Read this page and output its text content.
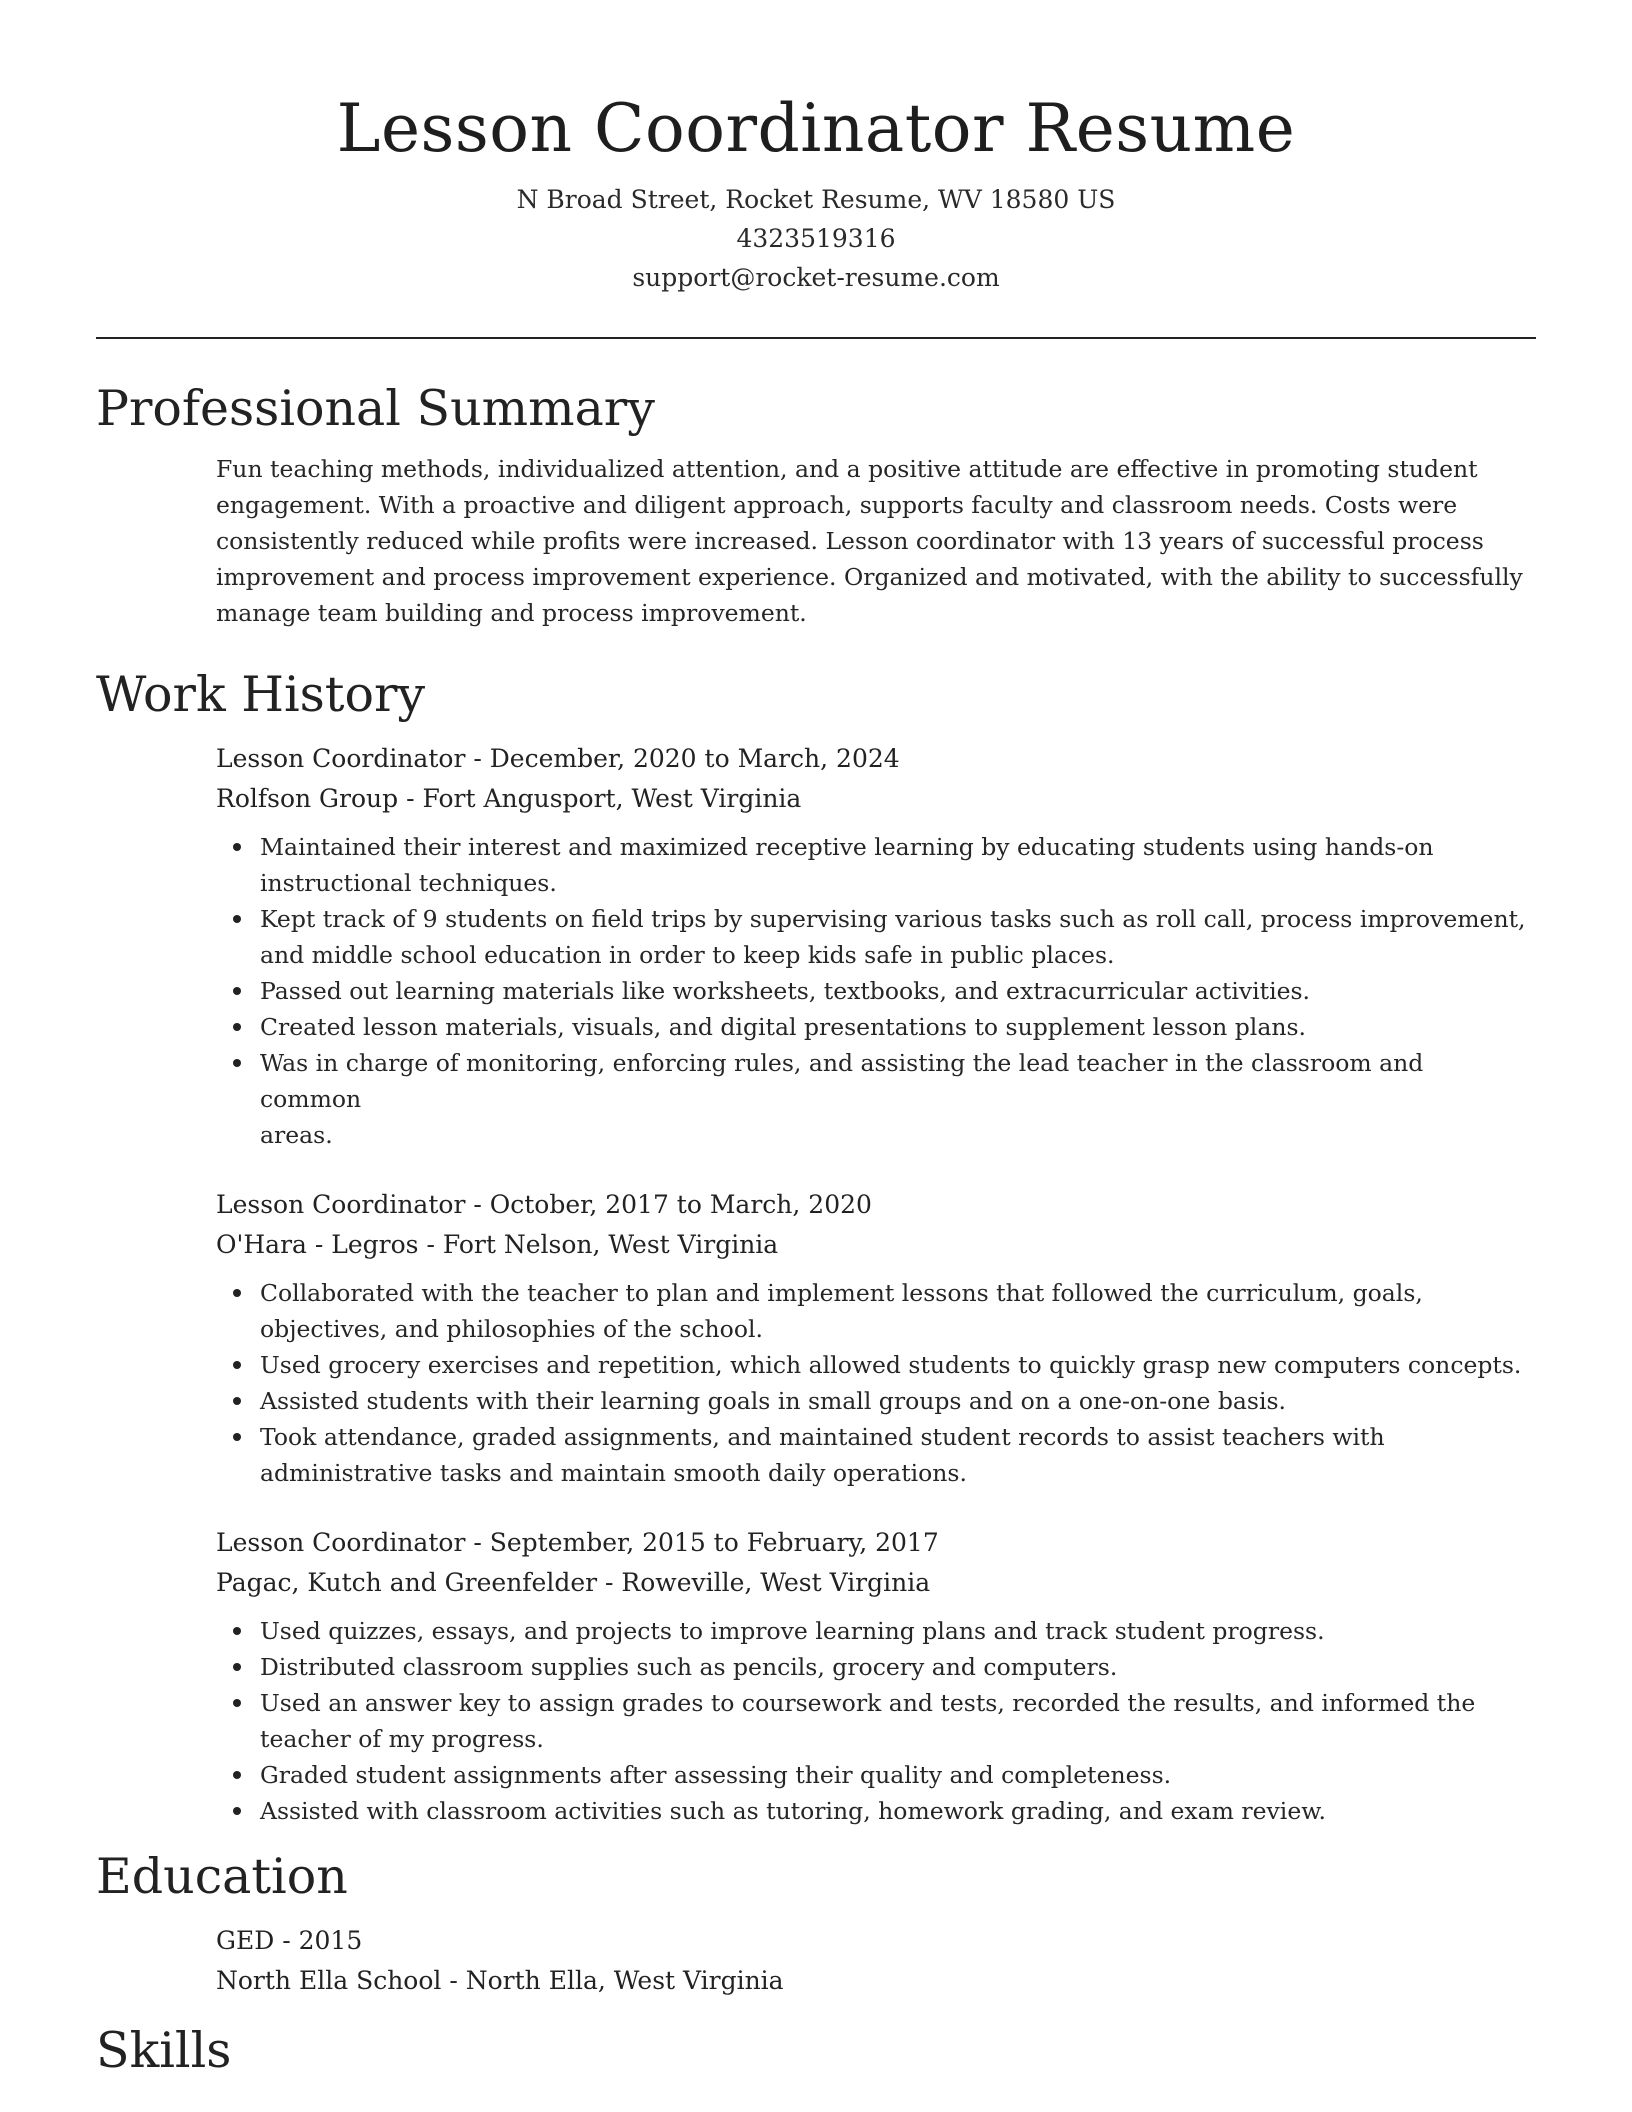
Lesson Coordinator Resume
N Broad Street, Rocket Resume, WV 18580 US
4323519316
support@rocket-resume.com
Professional Summary
Fun teaching methods, individualized attention, and a positive attitude are effective in promoting student
engagement. With a proactive and diligent approach, supports faculty and classroom needs. Costs were
consistently reduced while profits were increased. Lesson coordinator with 13 years of successful process
improvement and process improvement experience. Organized and motivated, with the ability to successfully
manage team building and process improvement.
Work History
Lesson Coordinator - December, 2020 to March, 2024
Rolfson Group - Fort Angusport, West Virginia
Maintained their interest and maximized receptive learning by educating students using hands-on
instructional techniques.
Kept track of 9 students on field trips by supervising various tasks such as roll call, process improvement,
and middle school education in order to keep kids safe in public places.
Passed out learning materials like worksheets, textbooks, and extracurricular activities.
Created lesson materials, visuals, and digital presentations to supplement lesson plans.
Was in charge of monitoring, enforcing rules, and assisting the lead teacher in the classroom and common
areas.
Lesson Coordinator - October, 2017 to March, 2020
O'Hara - Legros - Fort Nelson, West Virginia
Collaborated with the teacher to plan and implement lessons that followed the curriculum, goals,
objectives, and philosophies of the school.
Used grocery exercises and repetition, which allowed students to quickly grasp new computers concepts.
Assisted students with their learning goals in small groups and on a one-on-one basis.
Took attendance, graded assignments, and maintained student records to assist teachers with
administrative tasks and maintain smooth daily operations.
Lesson Coordinator - September, 2015 to February, 2017
Pagac, Kutch and Greenfelder - Roweville, West Virginia
Used quizzes, essays, and projects to improve learning plans and track student progress.
Distributed classroom supplies such as pencils, grocery and computers.
Used an answer key to assign grades to coursework and tests, recorded the results, and informed the
teacher of my progress.
Graded student assignments after assessing their quality and completeness.
Assisted with classroom activities such as tutoring, homework grading, and exam review.
Education
GED - 2015
North Ella School - North Ella, West Virginia
Skills
